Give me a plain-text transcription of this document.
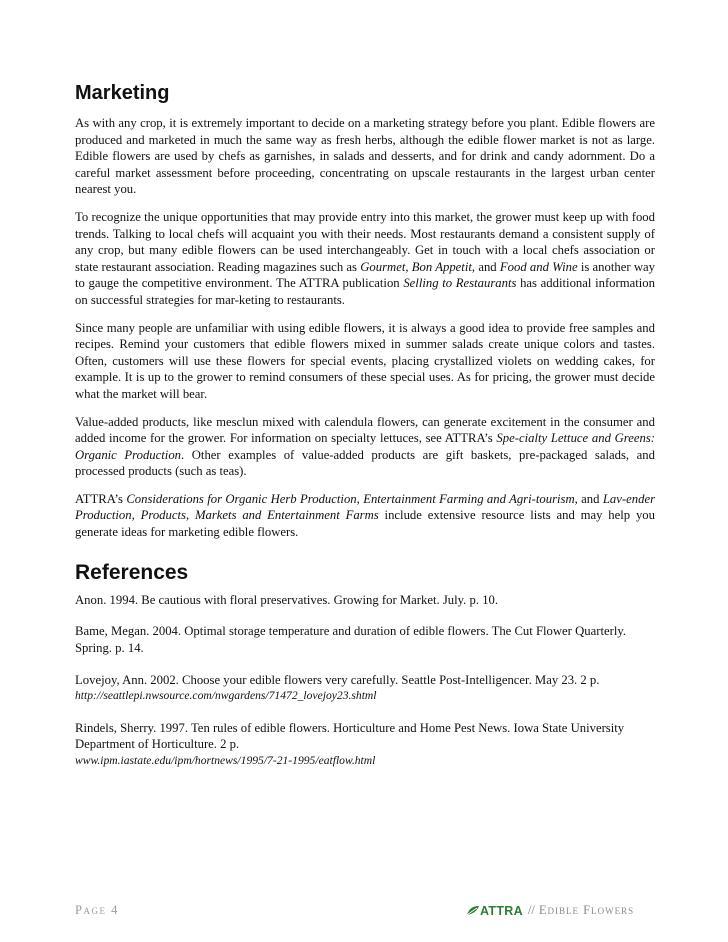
Marketing

As with any crop, it is extremely important to decide on a marketing strategy before you plant. Edible flowers are produced and marketed in much the same way as fresh herbs, although the edible flower market is not as large. Edible flowers are used by chefs as garnishes, in salads and desserts, and for drink and candy adornment. Do a careful market assessment before proceeding, concentrating on upscale restaurants in the largest urban center nearest you.

To recognize the unique opportunities that may provide entry into this market, the grower must keep up with food trends. Talking to local chefs will acquaint you with their needs. Most restaurants demand a consistent supply of any crop, but many edible flowers can be used interchangeably. Get in touch with a local chefs association or state restaurant association. Reading magazines such as Gourmet, Bon Appetit, and Food and Wine is another way to gauge the competitive environment. The ATTRA publication Selling to Restaurants has additional information on successful strategies for mar-keting to restaurants.

Since many people are unfamiliar with using edible flowers, it is always a good idea to provide free samples and recipes. Remind your customers that edible flowers mixed in summer salads create unique colors and tastes. Often, customers will use these flowers for special events, placing crystallized violets on wedding cakes, for example. It is up to the grower to remind consumers of these special uses. As for pricing, the grower must decide what the market will bear.

Value-added products, like mesclun mixed with calendula flowers, can generate excitement in the consumer and added income for the grower. For information on specialty lettuces, see ATTRA’s Spe-cialty Lettuce and Greens: Organic Production. Other examples of value-added products are gift baskets, pre-packaged salads, and processed products (such as teas).

ATTRA’s Considerations for Organic Herb Production, Entertainment Farming and Agri-tourism, and Lav-ender Production, Products, Markets and Entertainment Farms include extensive resource lists and may help you generate ideas for marketing edible flowers.

References

Anon. 1994. Be cautious with floral preservatives. Growing for Market. July. p. 10.

Bame, Megan. 2004. Optimal storage temperature and duration of edible flowers. The Cut Flower Quarterly. Spring. p. 14.

Lovejoy, Ann. 2002. Choose your edible flowers very carefully. Seattle Post-Intelligencer. May 23. 2 p.
http://seattlepi.nwsource.com/nwgardens/71472_lovejoy23.shtml

Rindels, Sherry. 1997. Ten rules of edible flowers. Horticulture and Home Pest News. Iowa State University Department of Horticulture. 2 p.
www.ipm.iastate.edu/ipm/hortnews/1995/7-21-1995/eatflow.html

Page 4	ATTRA // Edible Flowers
